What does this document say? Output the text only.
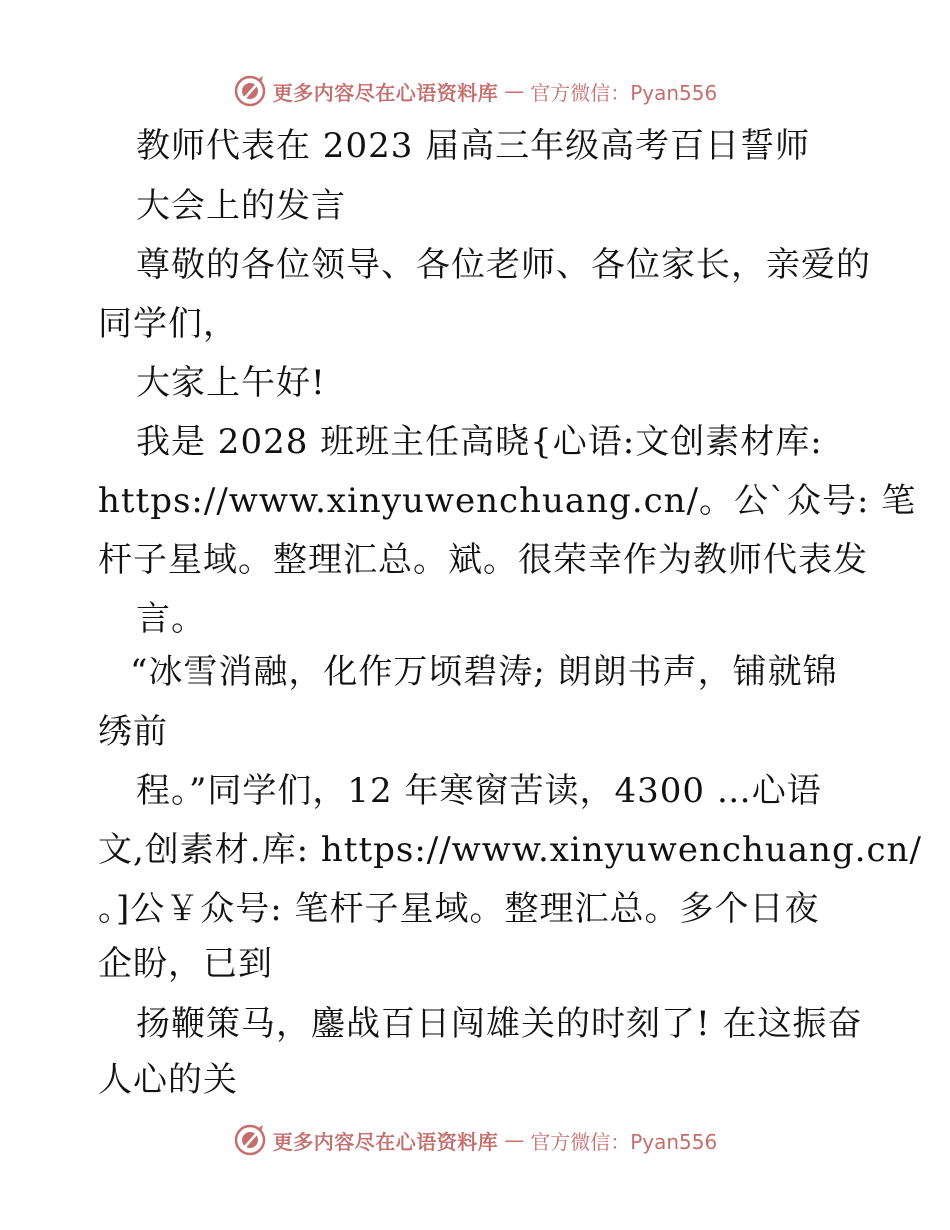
更多内容尽在心语资料库 — 官方微信：Pyan556
教师代表在 2023 届高三年级高考百日誓师
大会上的发言
尊敬的各位领导、各位老师、各位家长，亲爱的
同学们，
大家上午好!
我是 2028 班班主任高晓{心语:文创素材库:
https://www.xinyuwenchuang.cn/。公`众号: 笔
杆子星域。整理汇总。斌。很荣幸作为教师代表发
言。
“冰雪消融，化作万顷碧涛; 朗朗书声，铺就锦
绣前
程。”同学们，12 年寒窗苦读，4300 …心语
文,创素材.库: https://www.xinyuwenchuang.cn/
。]公￥众号: 笔杆子星域。整理汇总。多个日夜
企盼，已到
扬鞭策马，鏖战百日闯雄关的时刻了! 在这振奋
人心的关
更多内容尽在心语资料库 — 官方微信：Pyan556
